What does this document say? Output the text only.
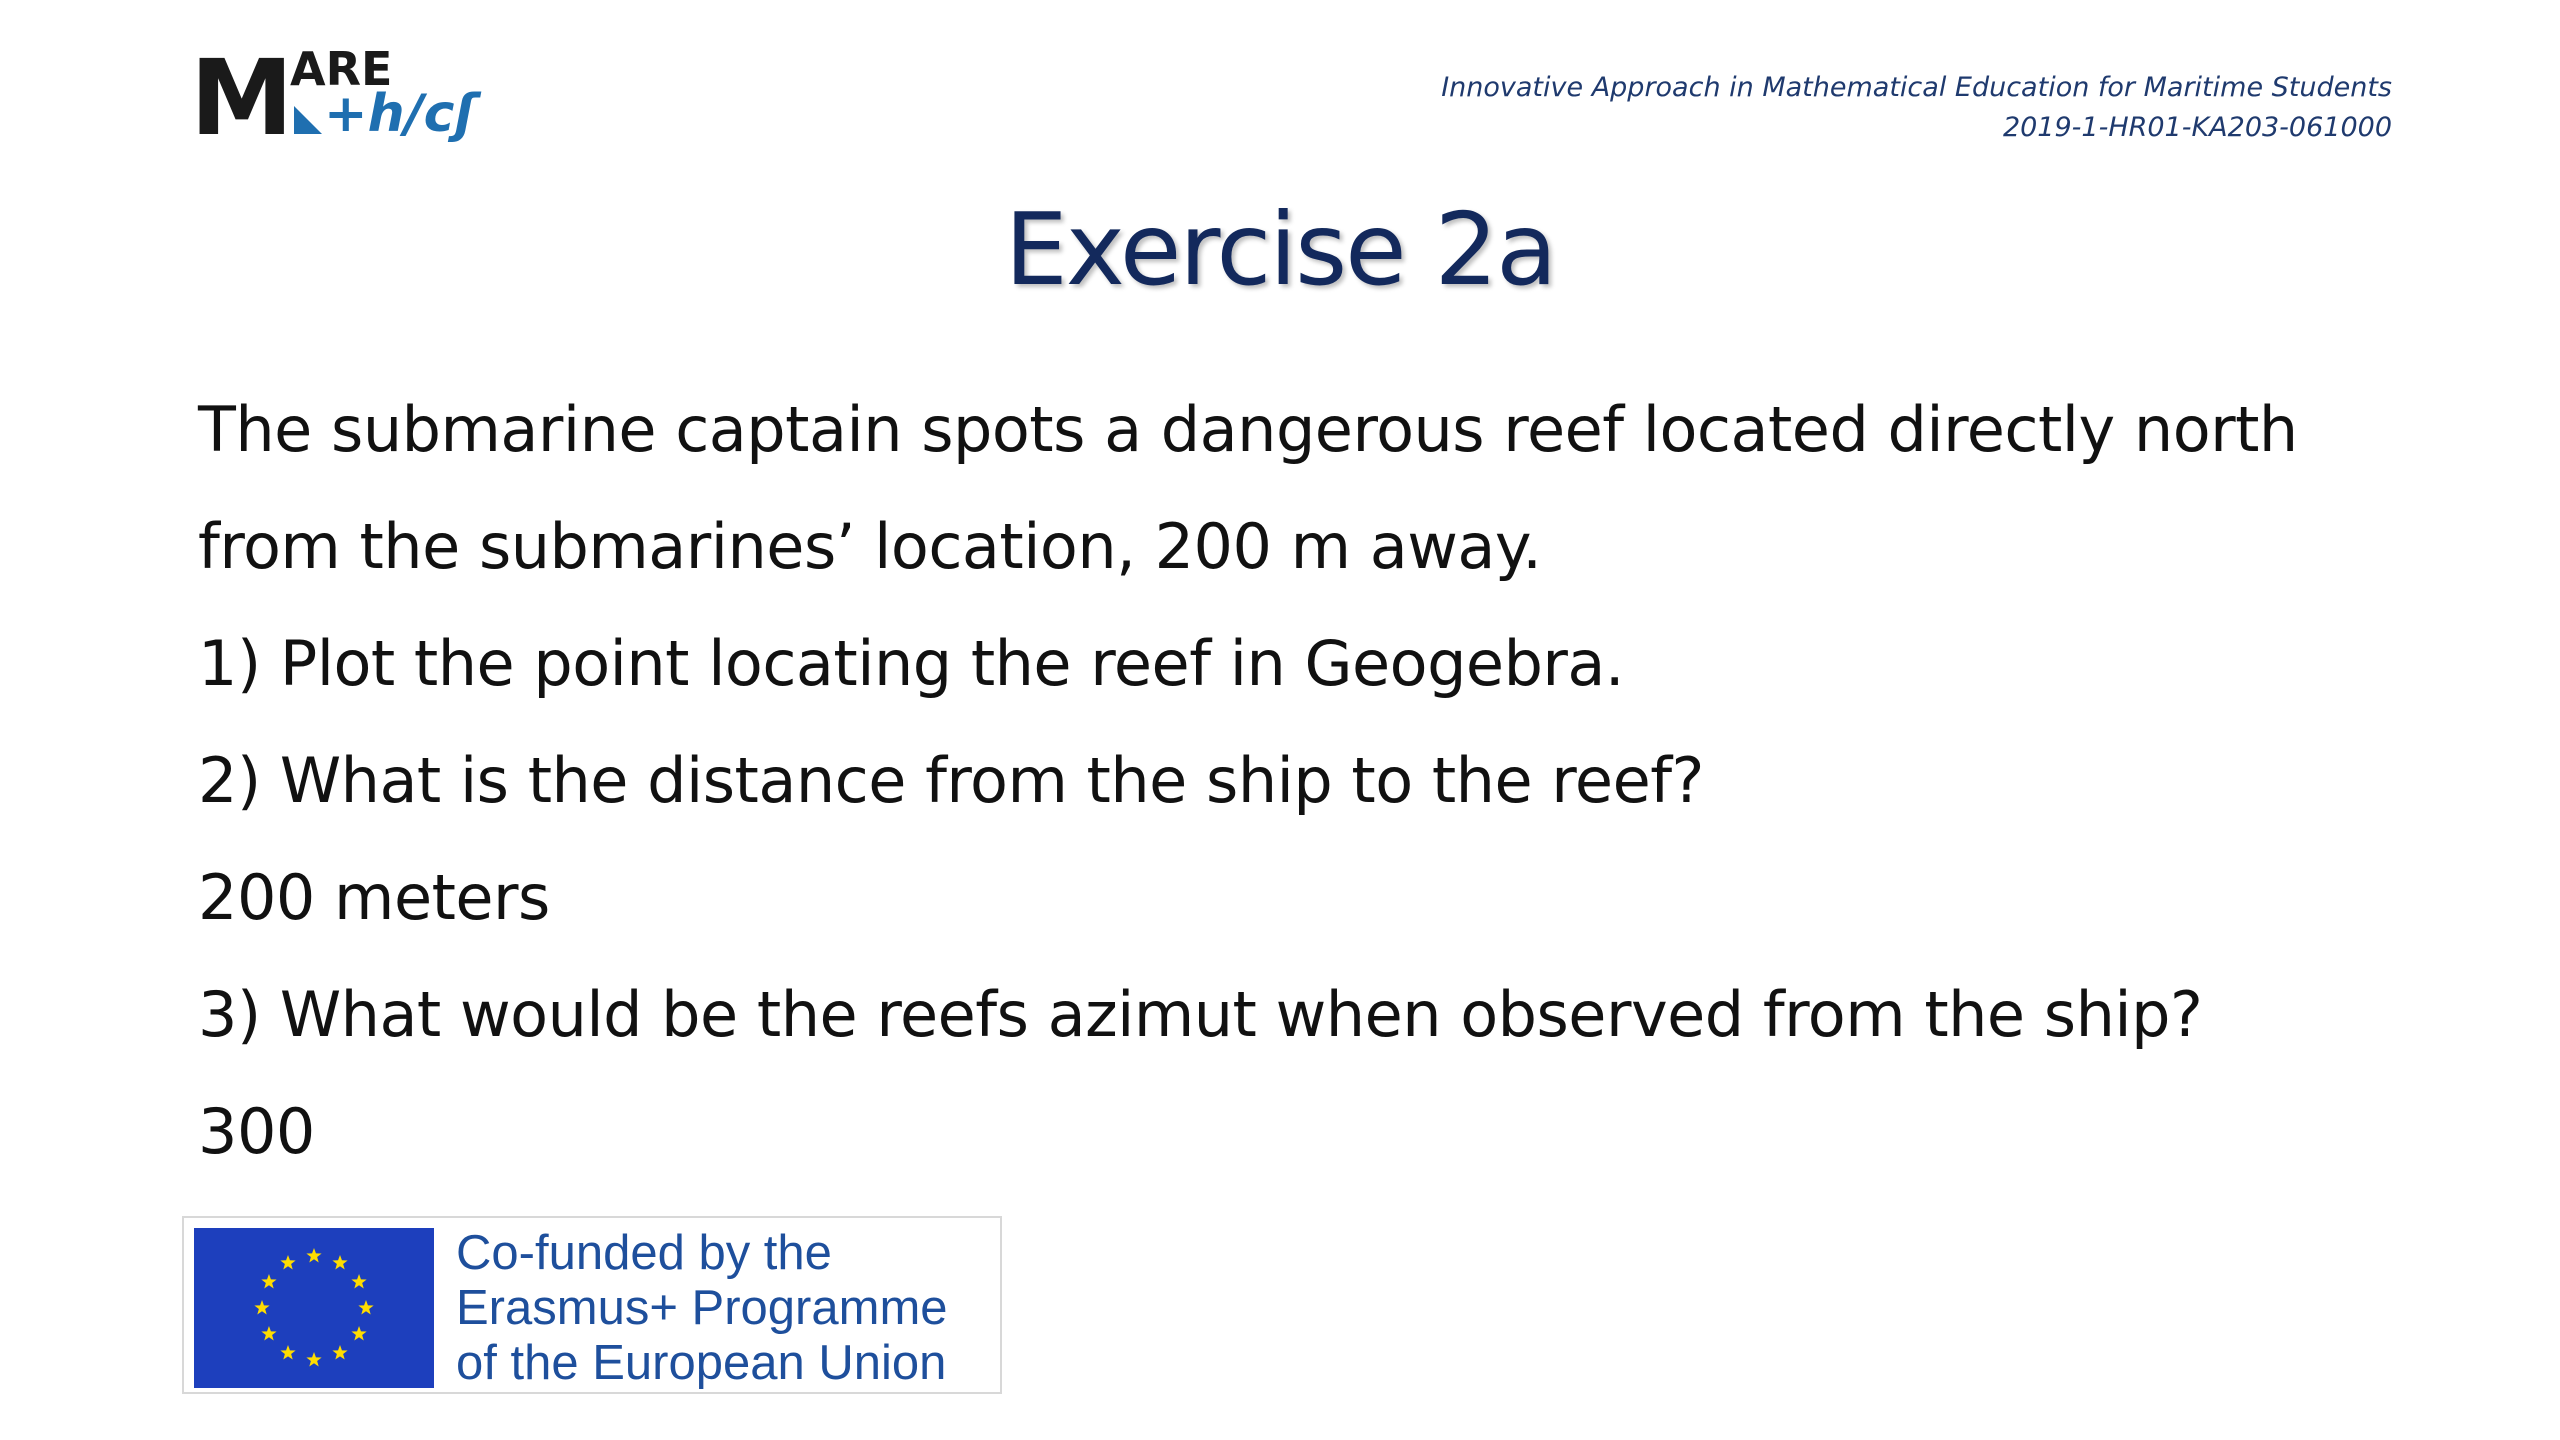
M ARE
+h/cʃ	Innovative Approach in Mathematical Education for Maritime Students
2019-1-HR01-KA203-061000
Exercise 2a
The submarine captain spots a dangerous reef located directly north
from the submarines’ location, 200 m away.
1) Plot the point locating the reef in Geogebra.
2) What is the distance from the ship to the reef?
200 meters
3) What would be the reefs azimut when observed from the ship?
300
Co-funded by the
Erasmus+ Programme
of the European Union
